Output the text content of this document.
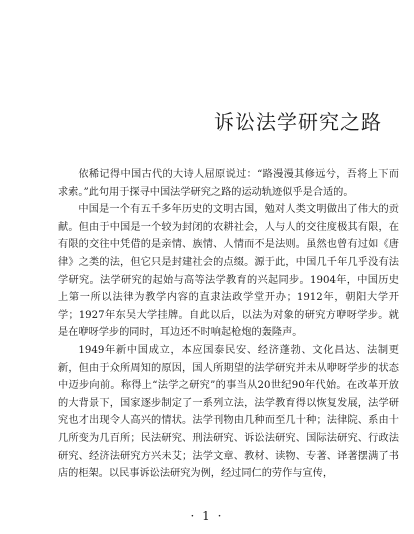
诉讼法学研究之路

依稀记得中国古代的大诗人屈原说过：“路漫漫其修远兮，吾将上下而求索。”此句用于探寻中国法学研究之路的运动轨迹似乎是合适的。

中国是一个有五千多年历史的文明古国，勉对人类文明做出了伟大的贡献。但由于中国是一个较为封闭的农耕社会，人与人的交往度极其有限，在有限的交往中凭借的是亲情、族情、人情而不是法则。虽然也曾有过如《唐律》之类的法，但它只是封建社会的点缀。源于此，中国几千年几乎没有法学研究。法学研究的起始与高等法学教育的兴起同步。1904年，中国历史上第一所以法律为教学内容的直隶法政学堂开办；1912年，朝阳大学开学；1927年东吴大学挂牌。自此以后，以法为对象的研究方咿呀学步。就是在咿呀学步的同时，耳边还不时响起枪炮的轰隆声。

1949年新中国成立，本应国泰民安、经济蓬勃、文化昌达、法制更新，但由于众所周知的原因，国人所期望的法学研究并未从咿呀学步的状态中迈步向前。称得上“法学之研究”的事当从20世纪90年代始。在改革开放的大背景下，国家逐步制定了一系列立法，法学教育得以恢复发展，法学研究也才出现令人高兴的情状。法学刊物由几种而至几十种；法律院、系由十几所变为几百所；民法研究、刑法研究、诉讼法研究、国际法研究、行政法研究、经济法研究方兴未艾；法学文章、教材、读物、专著、译著摆满了书店的柜架。以民事诉讼法研究为例，经过同仁的劳作与宣传，

· 1 ·
